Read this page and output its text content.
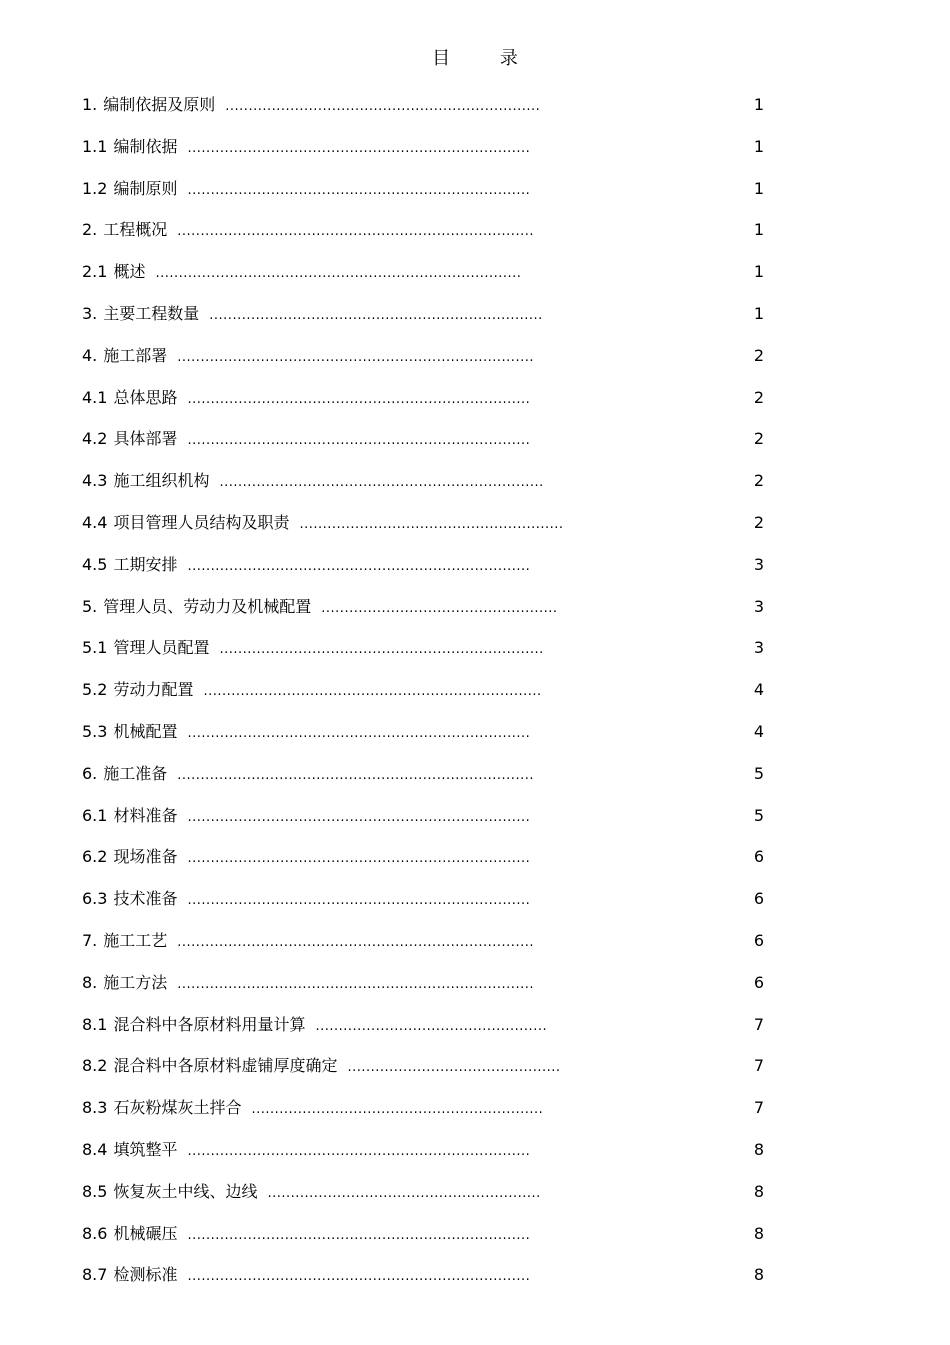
目 录
1. 编制依据及原则 ....................................................................	1
1.1 编制依据 ..........................................................................	1
1.2 编制原则 ..........................................................................	1
2. 工程概况 .............................................................................	1
2.1 概述 ...............................................................................	1
3. 主要工程数量 ........................................................................	1
4. 施工部署 .............................................................................	2
4.1 总体思路 ..........................................................................	2
4.2 具体部署 ..........................................................................	2
4.3 施工组织机构 ......................................................................	2
4.4 项目管理人员结构及职责 .........................................................	2
4.5 工期安排 ..........................................................................	3
5. 管理人员、劳动力及机械配置 ...................................................	3
5.1 管理人员配置 ......................................................................	3
5.2 劳动力配置 .........................................................................	4
5.3 机械配置 ..........................................................................	4
6. 施工准备 .............................................................................	5
6.1 材料准备 ..........................................................................	5
6.2 现场准备 ..........................................................................	6
6.3 技术准备 ..........................................................................	6
7. 施工工艺 .............................................................................	6
8. 施工方法 .............................................................................	6
8.1 混合料中各原材料用量计算 ..................................................	7
8.2 混合料中各原材料虚铺厚度确定 ..............................................	7
8.3 石灰粉煤灰土拌合 ...............................................................	7
8.4 填筑整平 ..........................................................................	8
8.5 恢复灰土中线、边线 ...........................................................	8
8.6 机械碾压 ..........................................................................	8
8.7 检测标准 ..........................................................................	8
